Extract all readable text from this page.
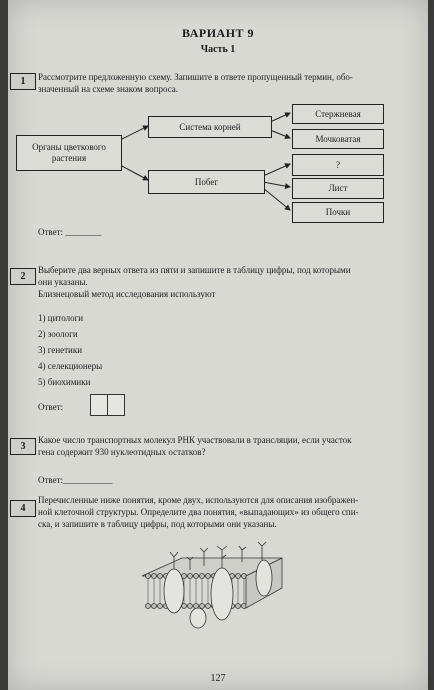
ВАРИАНТ 9
Часть 1
1	Рассмотрите предложенную схему. Запишите в ответе пропущенный термин, обо-
значенный на схеме знаком вопроса.
Органы цветкового растения
Система корней
Побег
Стержневая
Мочковатая
?
Лист
Почки
Ответ: ________
2
Выберите два верных ответа из пяти и запишите в таблицу цифры, под которыми
они указаны.
Близнецовый метод исследования используют
1) цитологи
2) зоологи
3) генетики
4) селекционеры
5) биохимики
Ответ:
3
Какое число транспортных молекул РНК участвовали в трансляции, если участок
гена содержит 930 нуклеотидных остатков?
Ответ:___________
4
Перечисленные ниже понятия, кроме двух, используются для описания изображен-
ной клеточной структуры. Определите два понятия, «выпадающих» из общего спи-
ска, и запишите в таблицу цифры, под которыми они указаны.
127
